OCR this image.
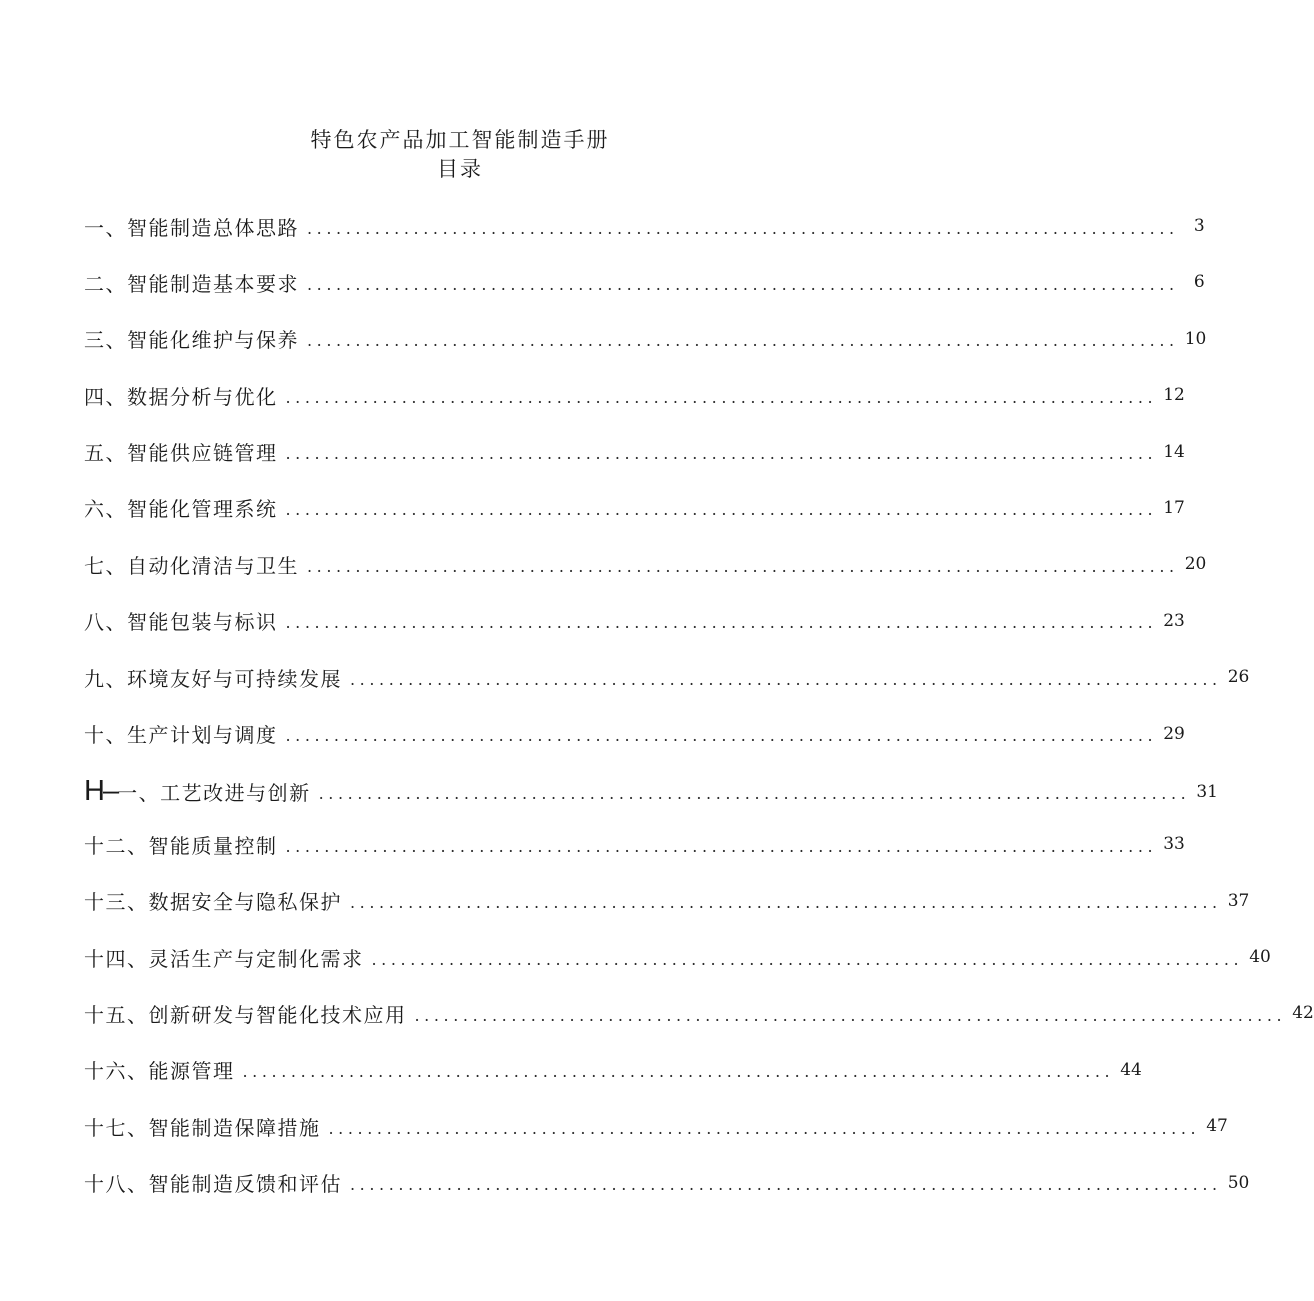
特色农产品加工智能制造手册
目录
一、智能制造总体思路 .......................................................................................... 3
二、智能制造基本要求 .......................................................................................... 6
三、智能化维护与保养 .......................................................................................... 10
四、数据分析与优化 .......................................................................................... 12
五、智能供应链管理 .......................................................................................... 14
六、智能化管理系统 .......................................................................................... 17
七、自动化清洁与卫生 .......................................................................................... 20
八、智能包装与标识 .......................................................................................... 23
九、环境友好与可持续发展 .......................................................................................... 26
十、生产计划与调度 .......................................................................................... 29
H– 一、工艺改进与创新 .......................................................................................... 31
十二、智能质量控制 .......................................................................................... 33
十三、数据安全与隐私保护 .......................................................................................... 37
十四、灵活生产与定制化需求 .......................................................................................... 40
十五、创新研发与智能化技术应用 .......................................................................................... 42
十六、能源管理 .......................................................................................... 44
十七、智能制造保障措施 .......................................................................................... 47
十八、智能制造反馈和评估 .......................................................................................... 50
